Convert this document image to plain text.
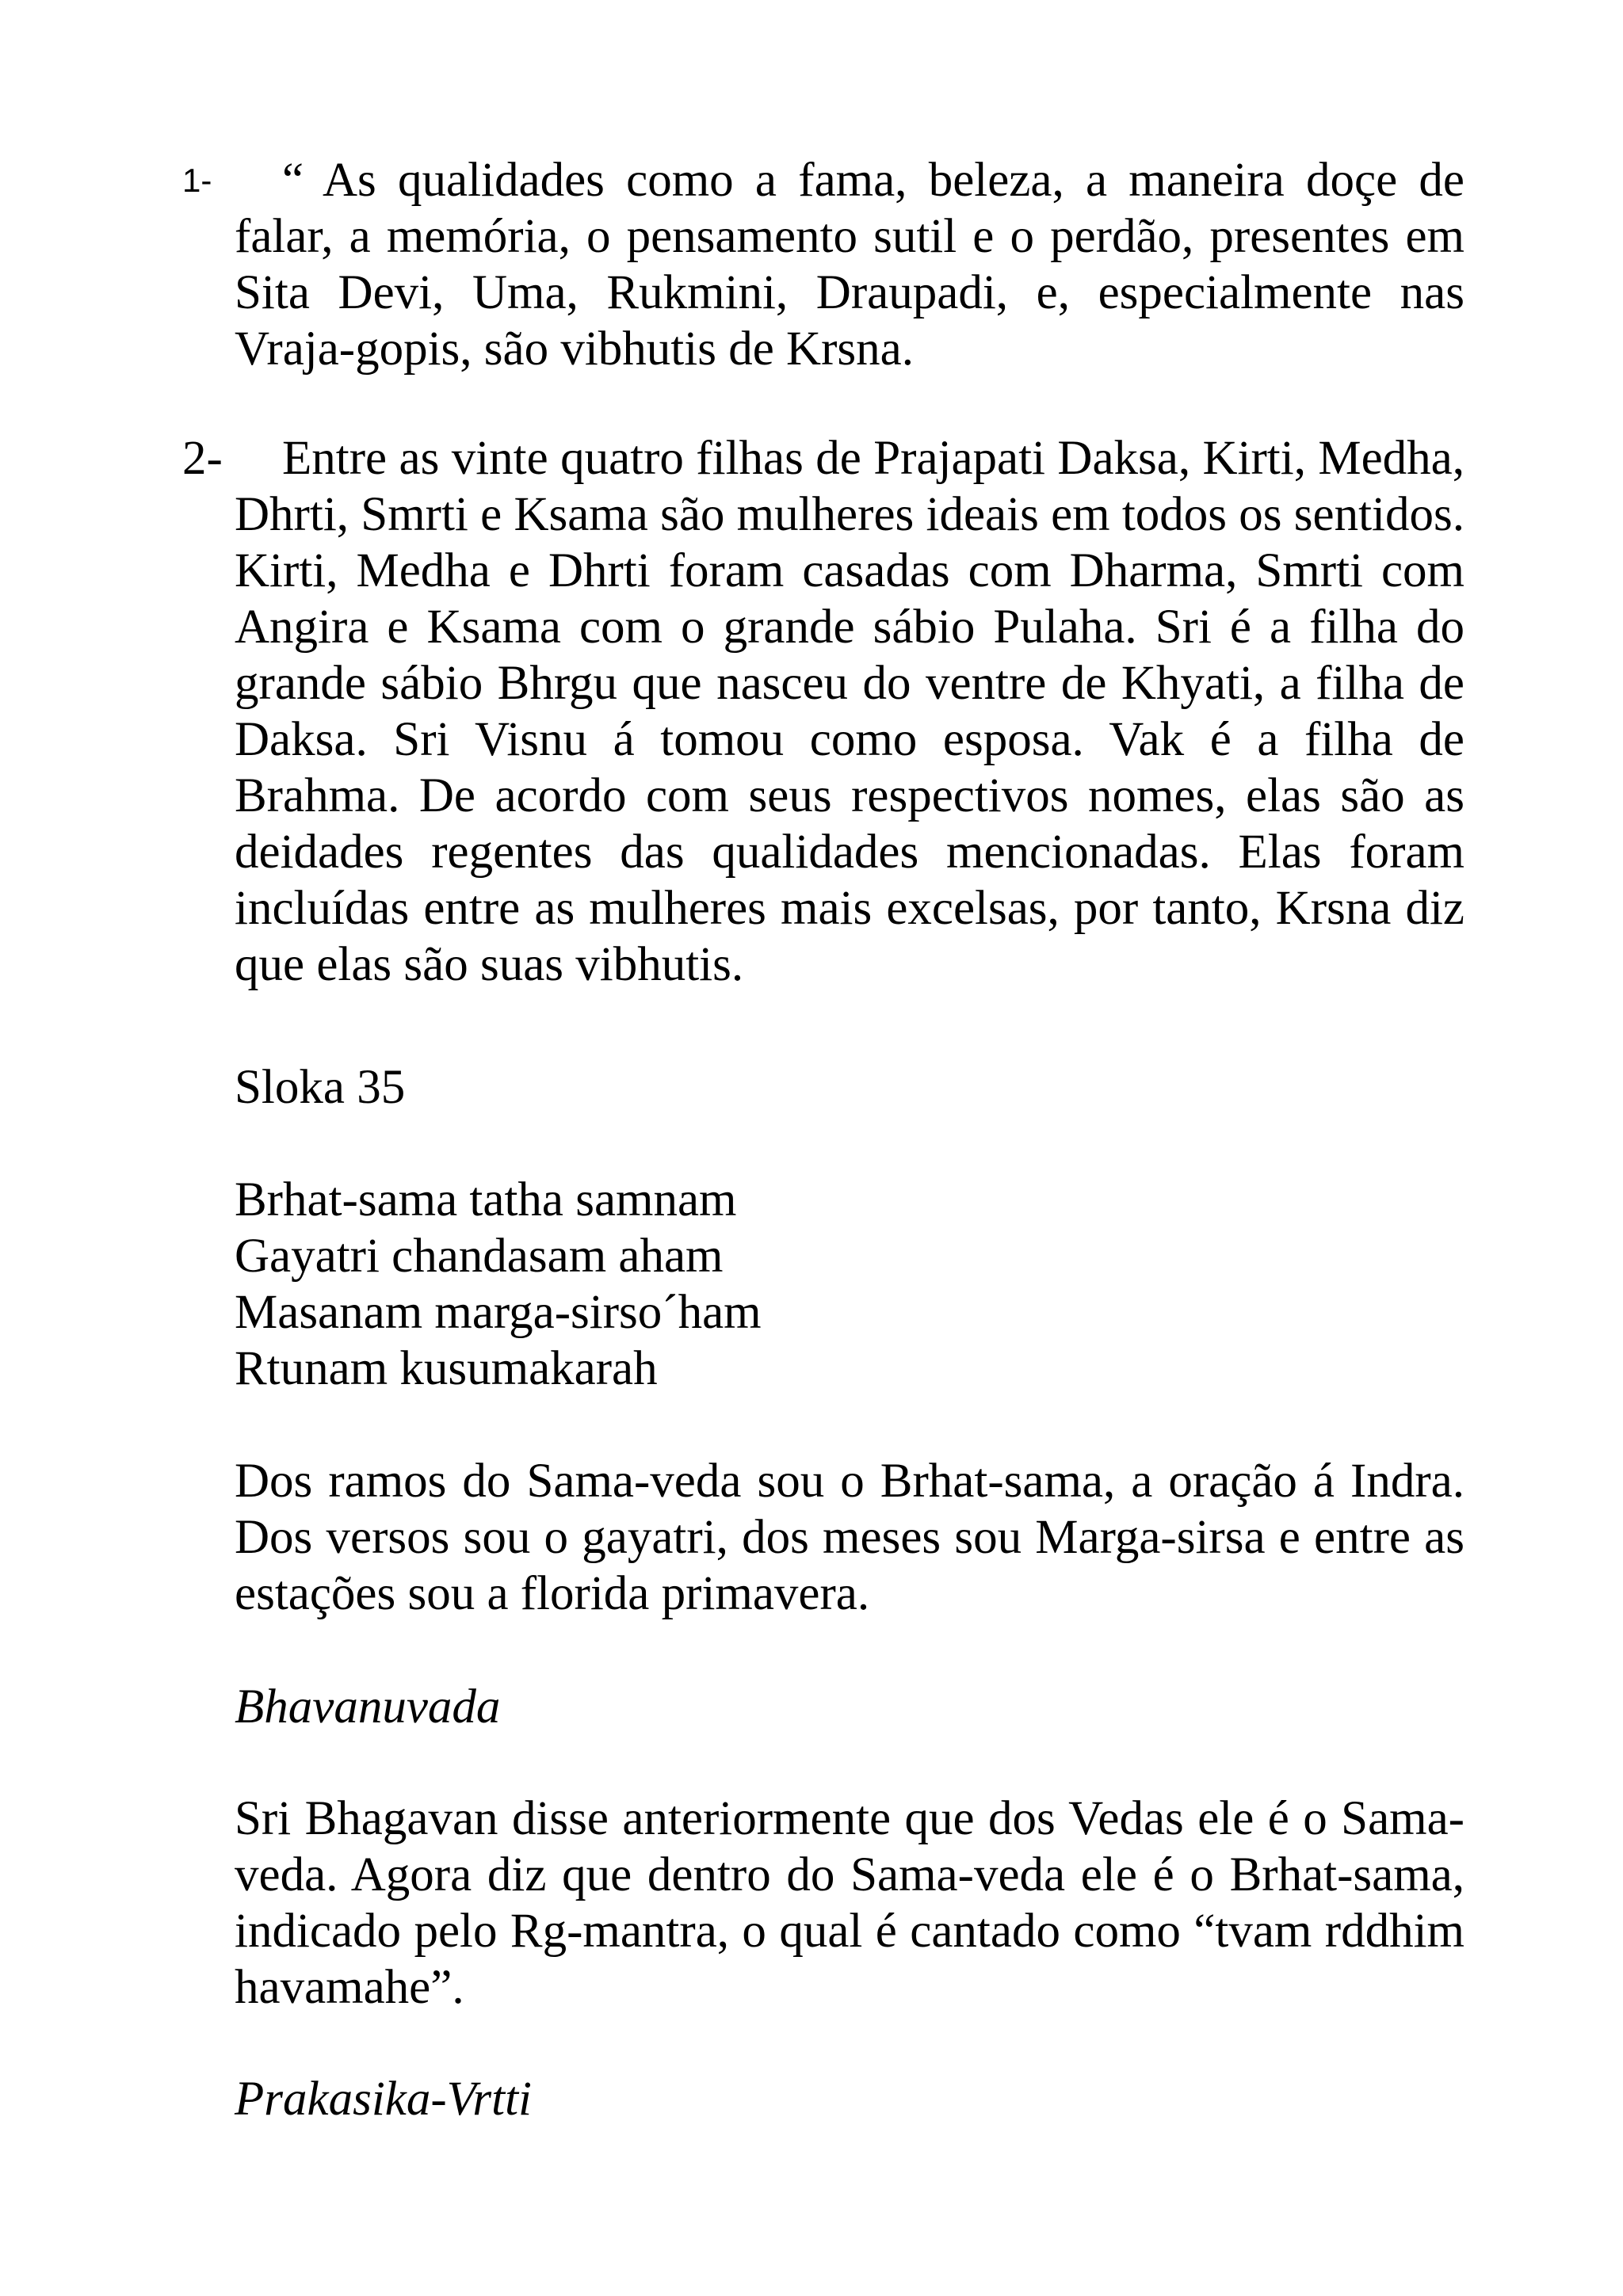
1-	“ As qualidades como a fama, beleza, a maneira doçe de falar, a memória, o pensamento sutil e o perdão, presentes em Sita Devi, Uma, Rukmini, Draupadi, e, especialmente nas Vraja-gopis, são vibhutis de Krsna.

2-	Entre as vinte quatro filhas de Prajapati Daksa, Kirti, Medha, Dhrti, Smrti e Ksama são mulheres ideais em todos os sentidos. Kirti, Medha e Dhrti foram casadas com Dharma, Smrti com Angira e Ksama com o grande sábio Pulaha. Sri é a filha do grande sábio Bhrgu que nasceu do ventre de Khyati, a filha de Daksa. Sri Visnu á tomou como esposa. Vak é a filha de Brahma. De acordo com seus respectivos nomes, elas são as deidades regentes das qualidades mencionadas. Elas foram incluídas entre as mulheres mais excelsas, por tanto, Krsna diz que elas são suas vibhutis.

Sloka 35

Brhat-sama tatha samnam
Gayatri chandasam aham
Masanam marga-sirso´ham
Rtunam kusumakarah

Dos ramos do Sama-veda sou o Brhat-sama, a oração á Indra. Dos versos sou o gayatri, dos meses sou Marga-sirsa e entre as estações sou a florida primavera.

Bhavanuvada

Sri Bhagavan disse anteriormente que dos Vedas ele é o Sama-veda. Agora diz que dentro do Sama-veda ele é o Brhat-sama, indicado pelo Rg-mantra, o qual é cantado como “tvam rddhim havamahe”.

Prakasika-Vrtti
